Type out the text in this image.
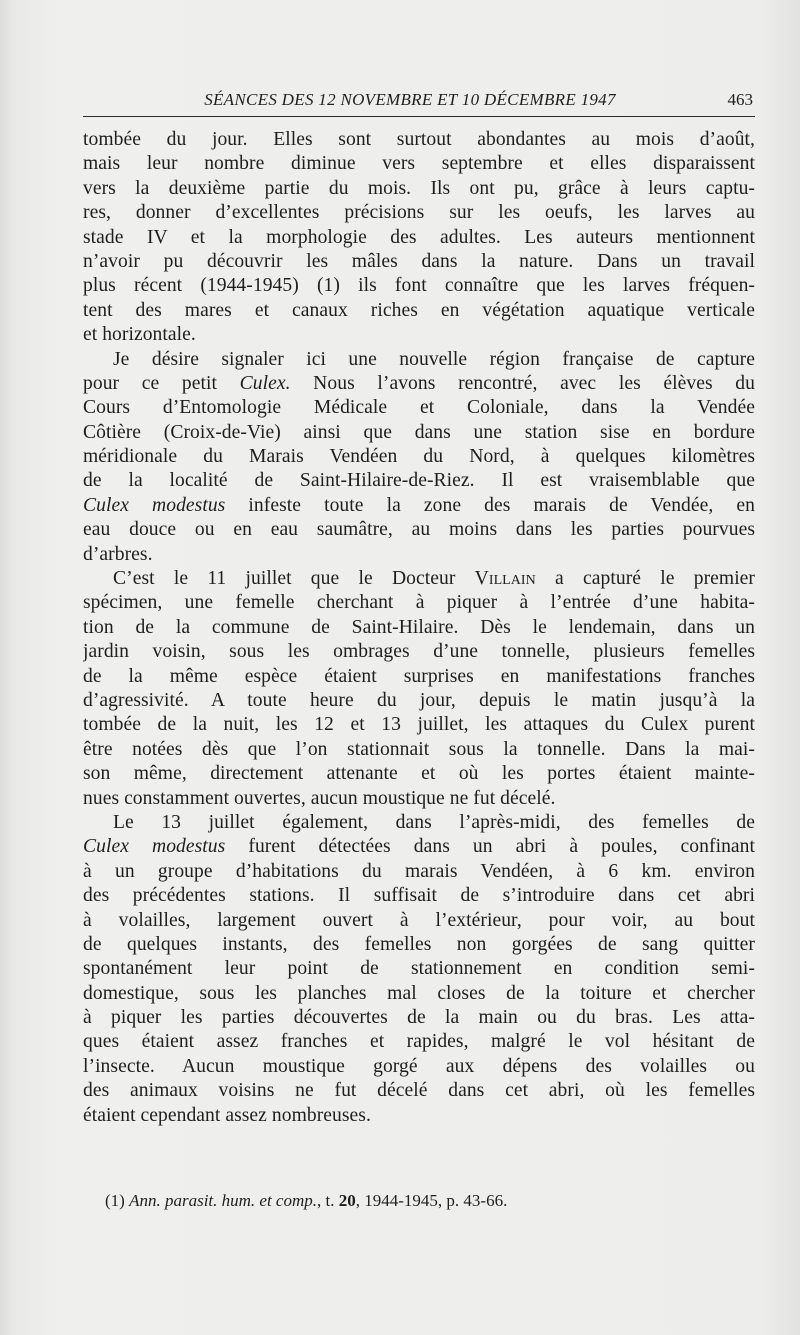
SÉANCES DES 12 NOVEMBRE ET 10 DÉCEMBRE 1947	463
tombée du jour. Elles sont surtout abondantes au mois d’août,
mais leur nombre diminue vers septembre et elles disparaissent
vers la deuxième partie du mois. Ils ont pu, grâce à leurs captu-
res, donner d’excellentes précisions sur les oeufs, les larves au
stade IV et la morphologie des adultes. Les auteurs mentionnent
n’avoir pu découvrir les mâles dans la nature. Dans un travail
plus récent (1944-1945) (1) ils font connaître que les larves fréquen-
tent des mares et canaux riches en végétation aquatique verticale
et horizontale.
Je désire signaler ici une nouvelle région française de capture
pour ce petit Culex. Nous l’avons rencontré, avec les élèves du
Cours d’Entomologie Médicale et Coloniale, dans la Vendée
Côtière (Croix-de-Vie) ainsi que dans une station sise en bordure
méridionale du Marais Vendéen du Nord, à quelques kilomètres
de la localité de Saint-Hilaire-de-Riez. Il est vraisemblable que
Culex modestus infeste toute la zone des marais de Vendée, en
eau douce ou en eau saumâtre, au moins dans les parties pourvues
d’arbres.
C’est le 11 juillet que le Docteur Villain a capturé le premier
spécimen, une femelle cherchant à piquer à l’entrée d’une habita-
tion de la commune de Saint-Hilaire. Dès le lendemain, dans un
jardin voisin, sous les ombrages d’une tonnelle, plusieurs femelles
de la même espèce étaient surprises en manifestations franches
d’agressivité. A toute heure du jour, depuis le matin jusqu’à la
tombée de la nuit, les 12 et 13 juillet, les attaques du Culex purent
être notées dès que l’on stationnait sous la tonnelle. Dans la mai-
son même, directement attenante et où les portes étaient mainte-
nues constamment ouvertes, aucun moustique ne fut décelé.
Le 13 juillet également, dans l’après-midi, des femelles de
Culex modestus furent détectées dans un abri à poules, confinant
à un groupe d’habitations du marais Vendéen, à 6 km. environ
des précédentes stations. Il suffisait de s’introduire dans cet abri
à volailles, largement ouvert à l’extérieur, pour voir, au bout
de quelques instants, des femelles non gorgées de sang quitter
spontanément leur point de stationnement en condition semi-
domestique, sous les planches mal closes de la toiture et chercher
à piquer les parties découvertes de la main ou du bras. Les atta-
ques étaient assez franches et rapides, malgré le vol hésitant de
l’insecte. Aucun moustique gorgé aux dépens des volailles ou
des animaux voisins ne fut décelé dans cet abri, où les femelles
étaient cependant assez nombreuses.
(1) Ann. parasit. hum. et comp., t. 20, 1944-1945, p. 43-66.
